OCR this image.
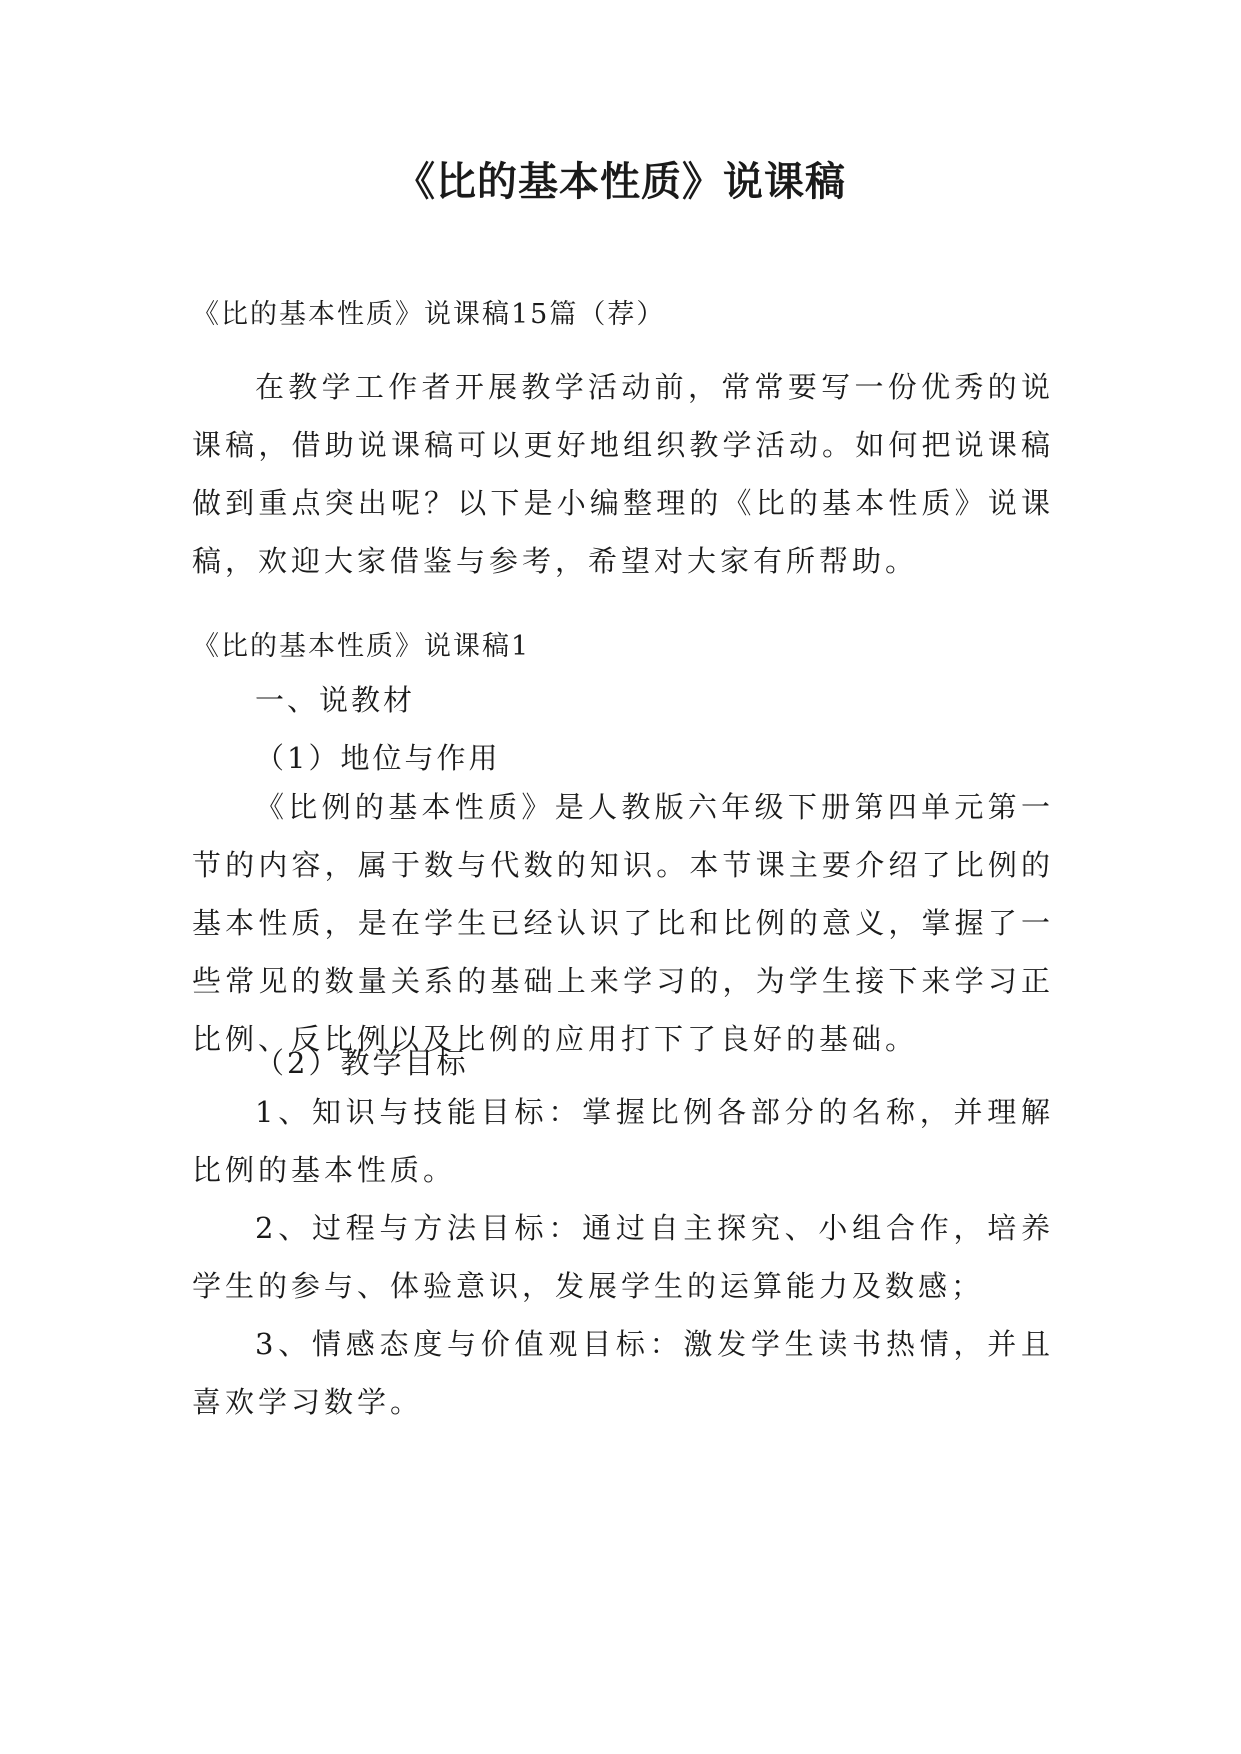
《比的基本性质》说课稿
《比的基本性质》说课稿15篇（荐）

在教学工作者开展教学活动前，常常要写一份优秀的说课稿，借助说课稿可以更好地组织教学活动。如何把说课稿做到重点突出呢？以下是小编整理的《比的基本性质》说课稿，欢迎大家借鉴与参考，希望对大家有所帮助。

《比的基本性质》说课稿1
一、说教材
（1）地位与作用

《比例的基本性质》是人教版六年级下册第四单元第一节的内容，属于数与代数的知识。本节课主要介绍了比例的基本性质，是在学生已经认识了比和比例的意义，掌握了一些常见的数量关系的基础上来学习的，为学生接下来学习正比例、反比例以及比例的应用打下了良好的基础。

（2）教学目标

1、知识与技能目标：掌握比例各部分的名称，并理解比例的基本性质。

2、过程与方法目标：通过自主探究、小组合作，培养学生的参与、体验意识，发展学生的运算能力及数感；

3、情感态度与价值观目标：激发学生读书热情，并且喜欢学习数学。
